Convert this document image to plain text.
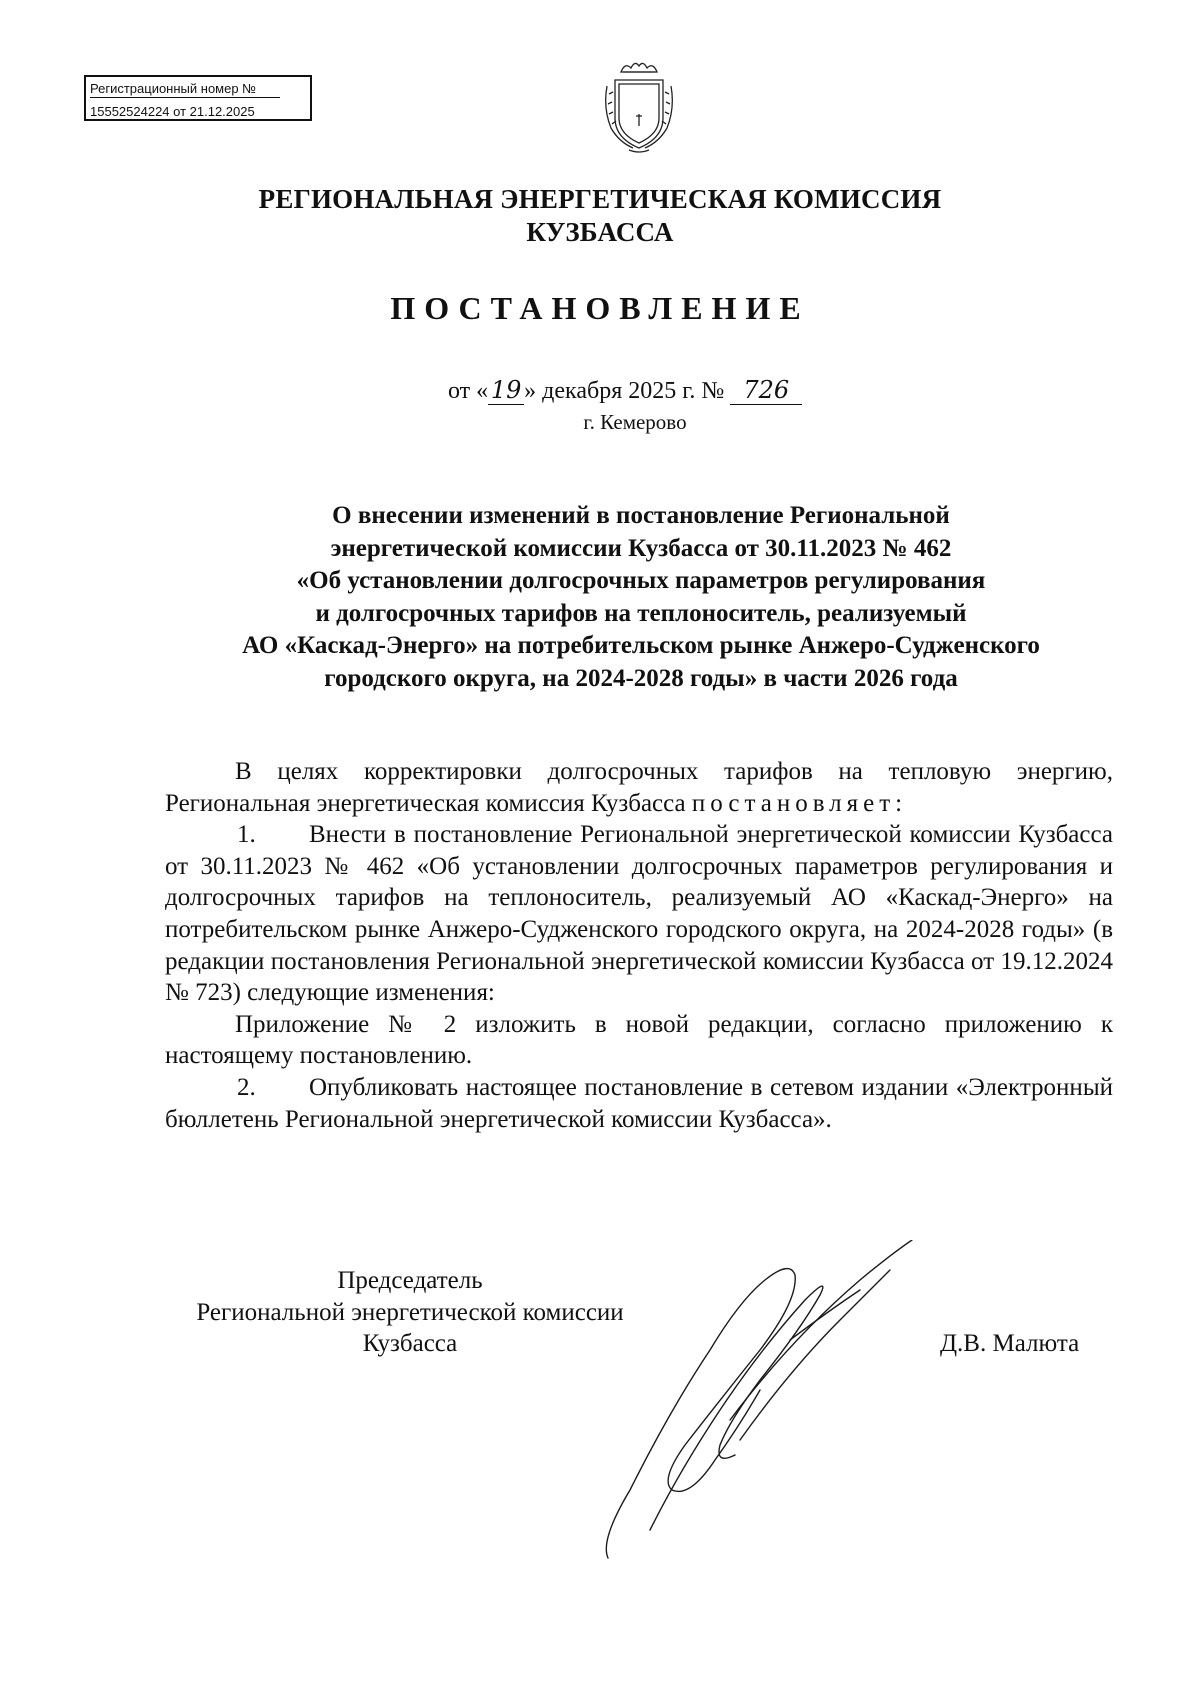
Регистрационный номер №
15552524224 от 21.12.2025
РЕГИОНАЛЬНАЯ ЭНЕРГЕТИЧЕСКАЯ КОМИССИЯ
КУЗБАССА
ПОСТАНОВЛЕНИЕ
от « 19 » декабря 2025 г. № 726
г. Кемерово
О внесении изменений в постановление Региональной
энергетической комиссии Кузбасса от 30.11.2023 № 462
«Об установлении долгосрочных параметров регулирования
и долгосрочных тарифов на теплоноситель, реализуемый
АО «Каскад-Энерго» на потребительском рынке Анжеро-Судженского
городского округа, на 2024-2028 годы» в части 2026 года

В целях корректировки долгосрочных тарифов на тепловую энергию, Региональная энергетическая комиссия Кузбасса постановляет:

1. Внести в постановление Региональной энергетической комиссии Кузбасса от 30.11.2023 № 462 «Об установлении долгосрочных параметров регулирования и долгосрочных тарифов на теплоноситель, реализуемый АО «Каскад-Энерго» на потребительском рынке Анжеро-Судженского городского округа, на 2024-2028 годы» (в редакции постановления Региональной энергетической комиссии Кузбасса от 19.12.2024 № 723) следующие изменения:

Приложение № 2 изложить в новой редакции, согласно приложению к настоящему постановлению.

2. Опубликовать настоящее постановление в сетевом издании «Электронный бюллетень Региональной энергетической комиссии Кузбасса».

Председатель
Региональной энергетической комиссии
Кузбасса	Д.В. Малюта
